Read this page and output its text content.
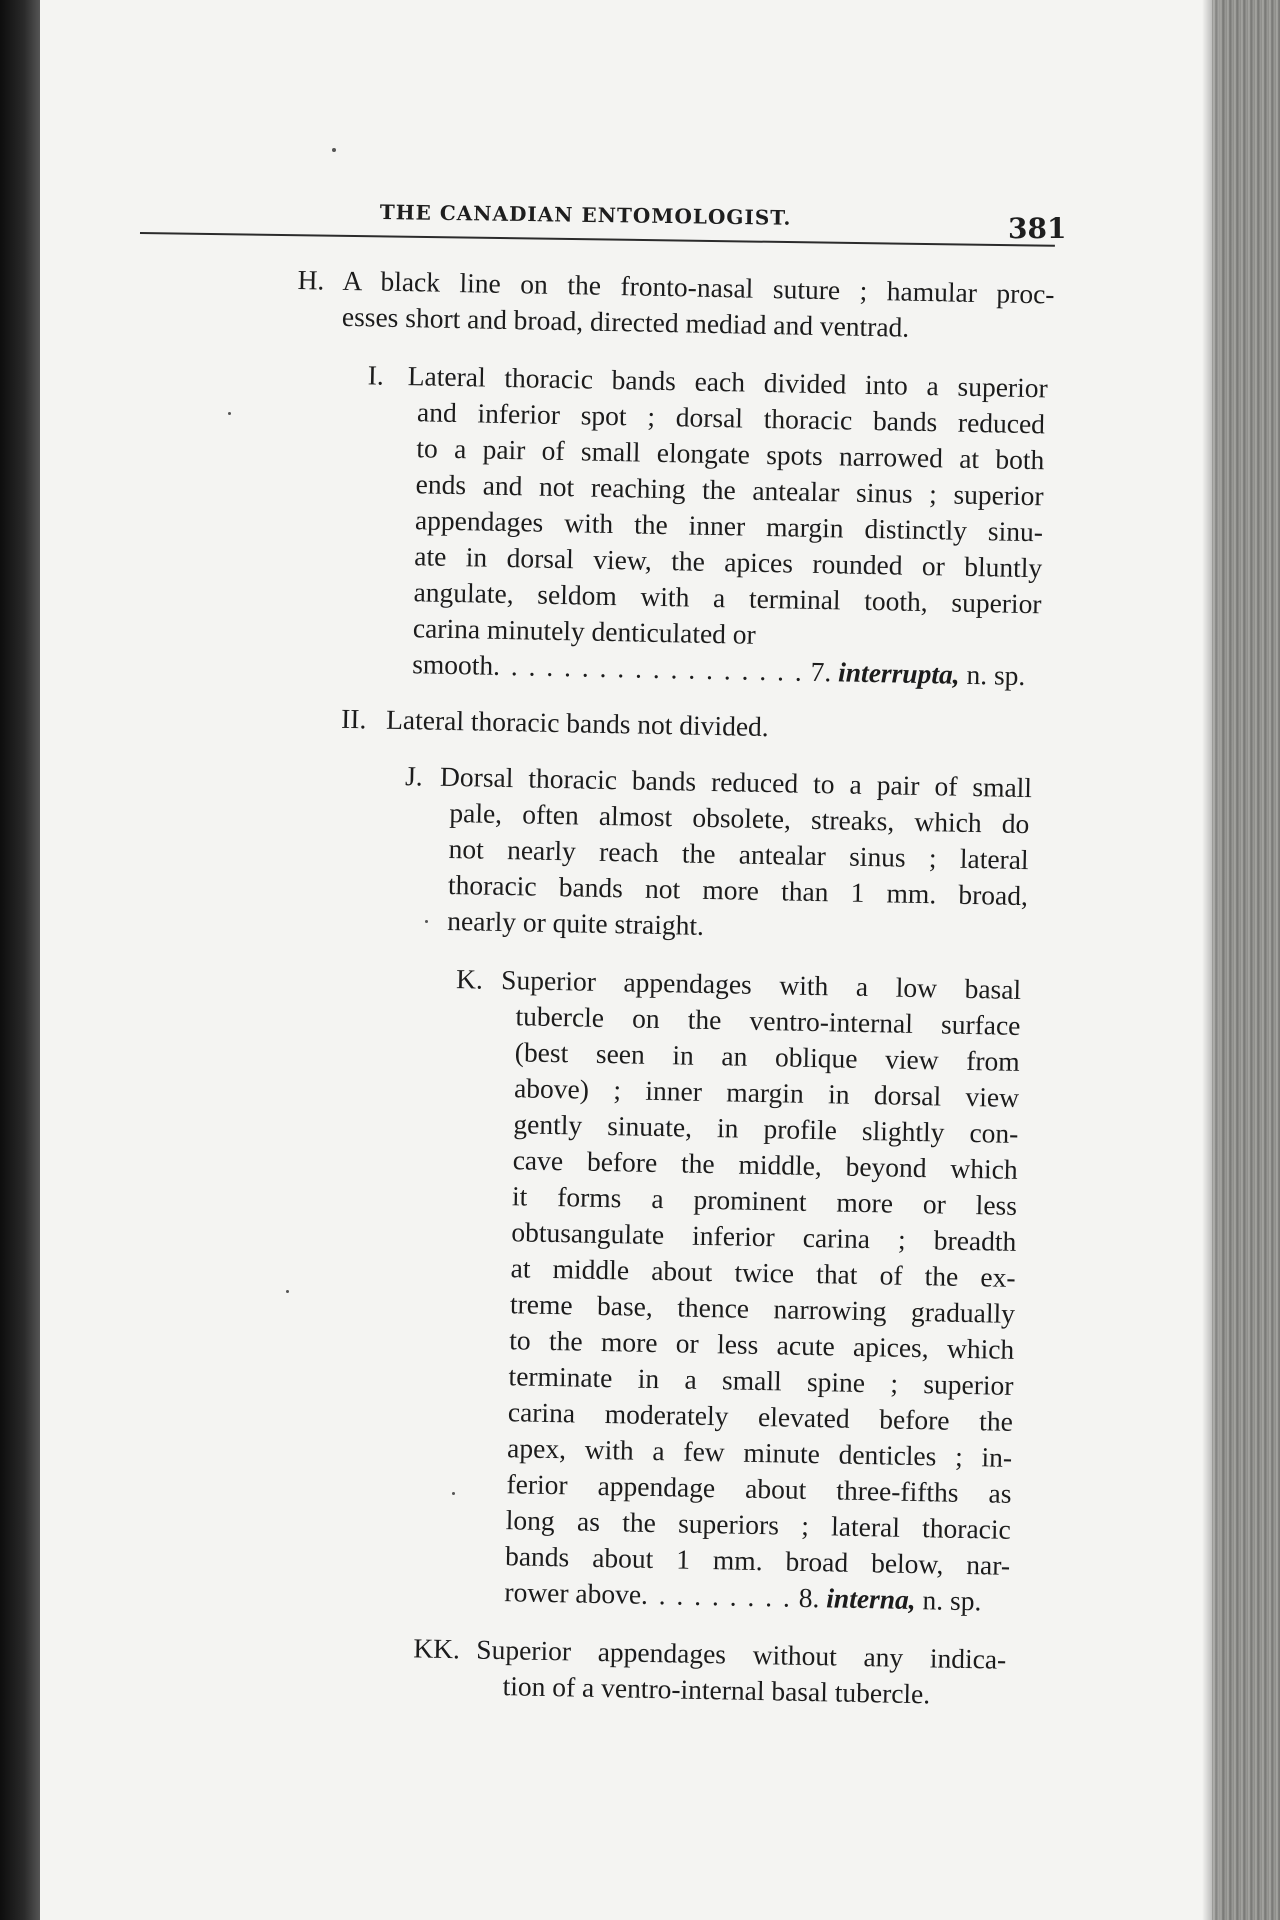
THE CANADIAN ENTOMOLOGIST.	381
H. A black line on the fronto-nasal suture ; hamular proc-
esses short and broad, directed mediad and ventrad.
I. Lateral thoracic bands each divided into a superior
and inferior spot ; dorsal thoracic bands reduced
to a pair of small elongate spots narrowed at both
ends and not reaching the antealar sinus ; superior
appendages with the inner margin distinctly sinu-
ate in dorsal view, the apices rounded or bluntly
angulate, seldom with a terminal tooth, superior
carina minutely denticulated or
smooth. . . . . . . . . . . . . . . . . . 7. interrupta, n. sp.
II. Lateral thoracic bands not divided.
J. Dorsal thoracic bands reduced to a pair of small
pale, often almost obsolete, streaks, which do
not nearly reach the antealar sinus ; lateral
thoracic bands not more than 1 mm. broad,
nearly or quite straight.
K. Superior appendages with a low basal
tubercle on the ventro-internal surface
(best seen in an oblique view from
above) ; inner margin in dorsal view
gently sinuate, in profile slightly con-
cave before the middle, beyond which
it forms a prominent more or less
obtusangulate inferior carina ; breadth
at middle about twice that of the ex-
treme base, thence narrowing gradually
to the more or less acute apices, which
terminate in a small spine ; superior
carina moderately elevated before the
apex, with a few minute denticles ; in-
ferior appendage about three-fifths as
long as the superiors ; lateral thoracic
bands about 1 mm. broad below, nar-
rower above. . . . . . . . . 8. interna, n. sp.
KK. Superior appendages without any indica-
tion of a ventro-internal basal tubercle.
